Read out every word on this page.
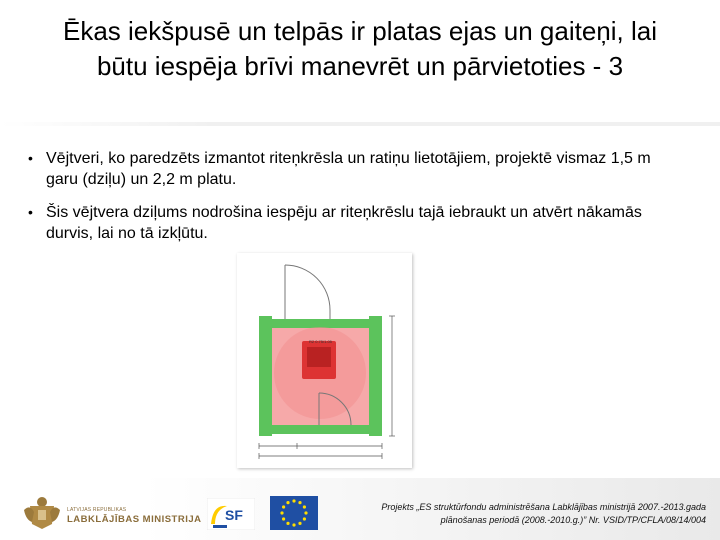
Ēkas iekšpusē un telpās ir platas ejas un gaiteņi, lai būtu iespēja brīvi manevrēt un pārvietoties - 3
• Vējtveri, ko paredzēts izmantot riteņkrēsla un ratiņu lietotājiem, projektē vismaz 1,5 m garu (dziļu) un 2,2 m platu.
• Šis vējtvera dziļums nodrošina iespēju ar riteņkrēslu tajā iebraukt un atvērt nākamās durvis, lai no tā izkļūtu.
R2 0.75/1.05
LATVIJAS REPUBLIKAS
LABKLĀJĪBAS MINISTRIJA SF	Projekts „ES struktūrfondu administrēšana Labklājības ministrijā 2007.-2013.gada
plānošanas periodā (2008.-2010.g.)” Nr. VSID/TP/CFLA/08/14/004
